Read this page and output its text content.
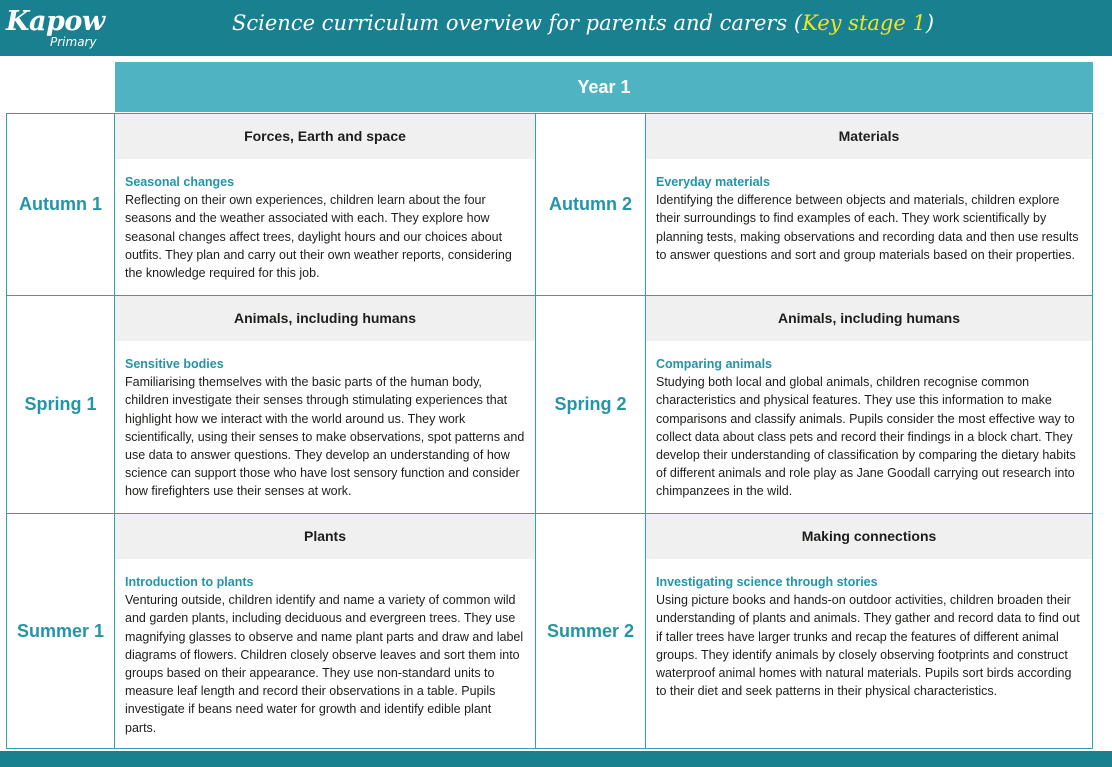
Kapow
Primary
Science curriculum overview for parents and carers (Key stage 1)
Year 1
Autumn 1
Forces, Earth and space
Seasonal changes
Reflecting on their own experiences, children learn about the four seasons and the weather associated with each. They explore how seasonal changes affect trees, daylight hours and our choices about outfits. They plan and carry out their own weather reports, considering the knowledge required for this job.
Autumn 2
Materials
Everyday materials
Identifying the difference between objects and materials, children explore their surroundings to find examples of each. They work scientifically by planning tests, making observations and recording data and then use results to answer questions and sort and group materials based on their properties.
Spring 1
Animals, including humans
Sensitive bodies
Familiarising themselves with the basic parts of the human body, children investigate their senses through stimulating experiences that highlight how we interact with the world around us. They work scientifically, using their senses to make observations, spot patterns and use data to answer questions. They develop an understanding of how science can support those who have lost sensory function and consider how firefighters use their senses at work.
Spring 2
Animals, including humans
Comparing animals
Studying both local and global animals, children recognise common characteristics and physical features. They use this information to make comparisons and classify animals. Pupils consider the most effective way to collect data about class pets and record their findings in a block chart. They develop their understanding of classification by comparing the dietary habits of different animals and role play as Jane Goodall carrying out research into chimpanzees in the wild.
Summer 1
Plants
Introduction to plants
Venturing outside, children identify and name a variety of common wild and garden plants, including deciduous and evergreen trees. They use magnifying glasses to observe and name plant parts and draw and label diagrams of flowers. Children closely observe leaves and sort them into groups based on their appearance. They use non-standard units to measure leaf length and record their observations in a table. Pupils investigate if beans need water for growth and identify edible plant parts.
Summer 2
Making connections
Investigating science through stories
Using picture books and hands-on outdoor activities, children broaden their understanding of plants and animals. They gather and record data to find out if taller trees have larger trunks and recap the features of different animal groups. They identify animals by closely observing footprints and construct waterproof animal homes with natural materials. Pupils sort birds according to their diet and seek patterns in their physical characteristics.
